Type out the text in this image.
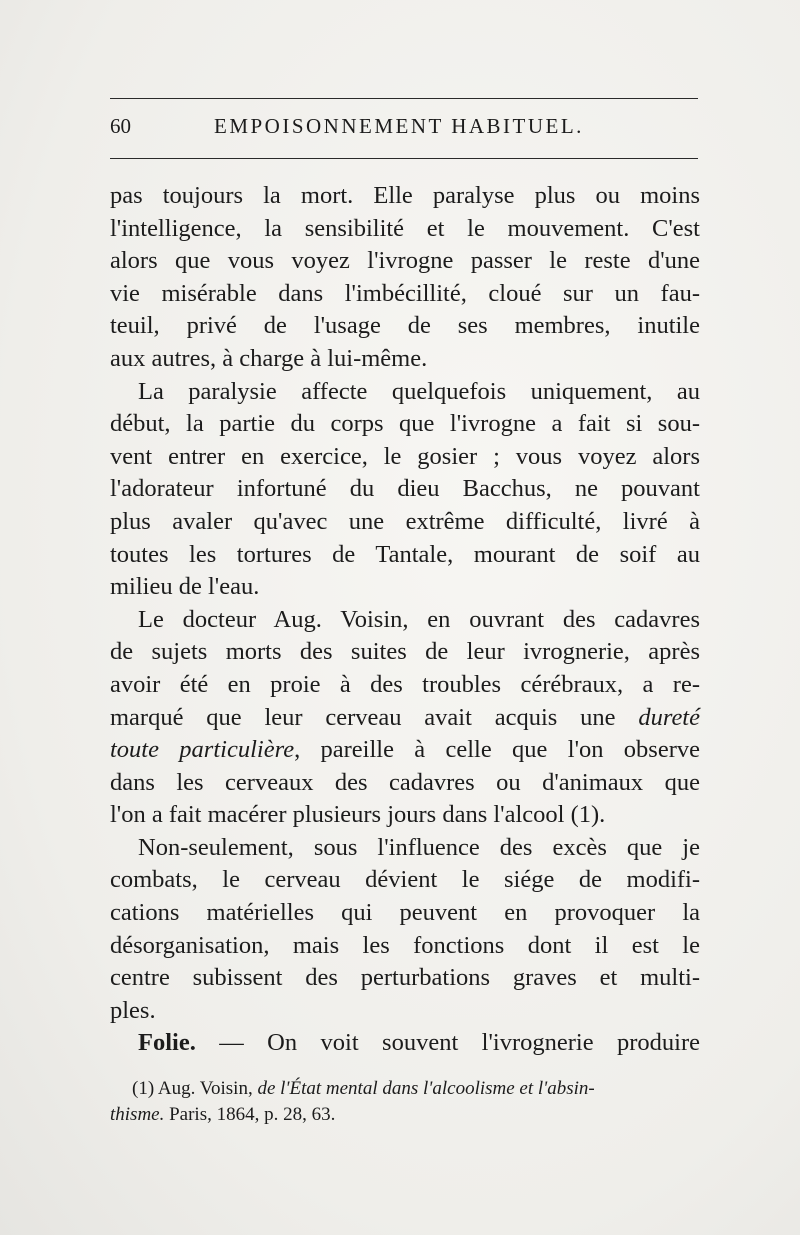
60	EMPOISONNEMENT HABITUEL.
pas toujours la mort. Elle paralyse plus ou moins
l'intelligence, la sensibilité et le mouvement. C'est
alors que vous voyez l'ivrogne passer le reste d'une
vie misérable dans l'imbécillité, cloué sur un fau-
teuil, privé de l'usage de ses membres, inutile
aux autres, à charge à lui-même.
La paralysie affecte quelquefois uniquement, au
début, la partie du corps que l'ivrogne a fait si sou-
vent entrer en exercice, le gosier ; vous voyez alors
l'adorateur infortuné du dieu Bacchus, ne pouvant
plus avaler qu'avec une extrême difficulté, livré à
toutes les tortures de Tantale, mourant de soif au
milieu de l'eau.
Le docteur Aug. Voisin, en ouvrant des cadavres
de sujets morts des suites de leur ivrognerie, après
avoir été en proie à des troubles cérébraux, a re-
marqué que leur cerveau avait acquis une dureté
toute particulière, pareille à celle que l'on observe
dans les cerveaux des cadavres ou d'animaux que
l'on a fait macérer plusieurs jours dans l'alcool (1).
Non-seulement, sous l'influence des excès que je
combats, le cerveau dévient le siége de modifi-
cations matérielles qui peuvent en provoquer la
désorganisation, mais les fonctions dont il est le
centre subissent des perturbations graves et multi-
ples.
Folie. — On voit souvent l'ivrognerie produire
(1) Aug. Voisin, de l'État mental dans l'alcoolisme et l'absin-
thisme. Paris, 1864, p. 28, 63.
